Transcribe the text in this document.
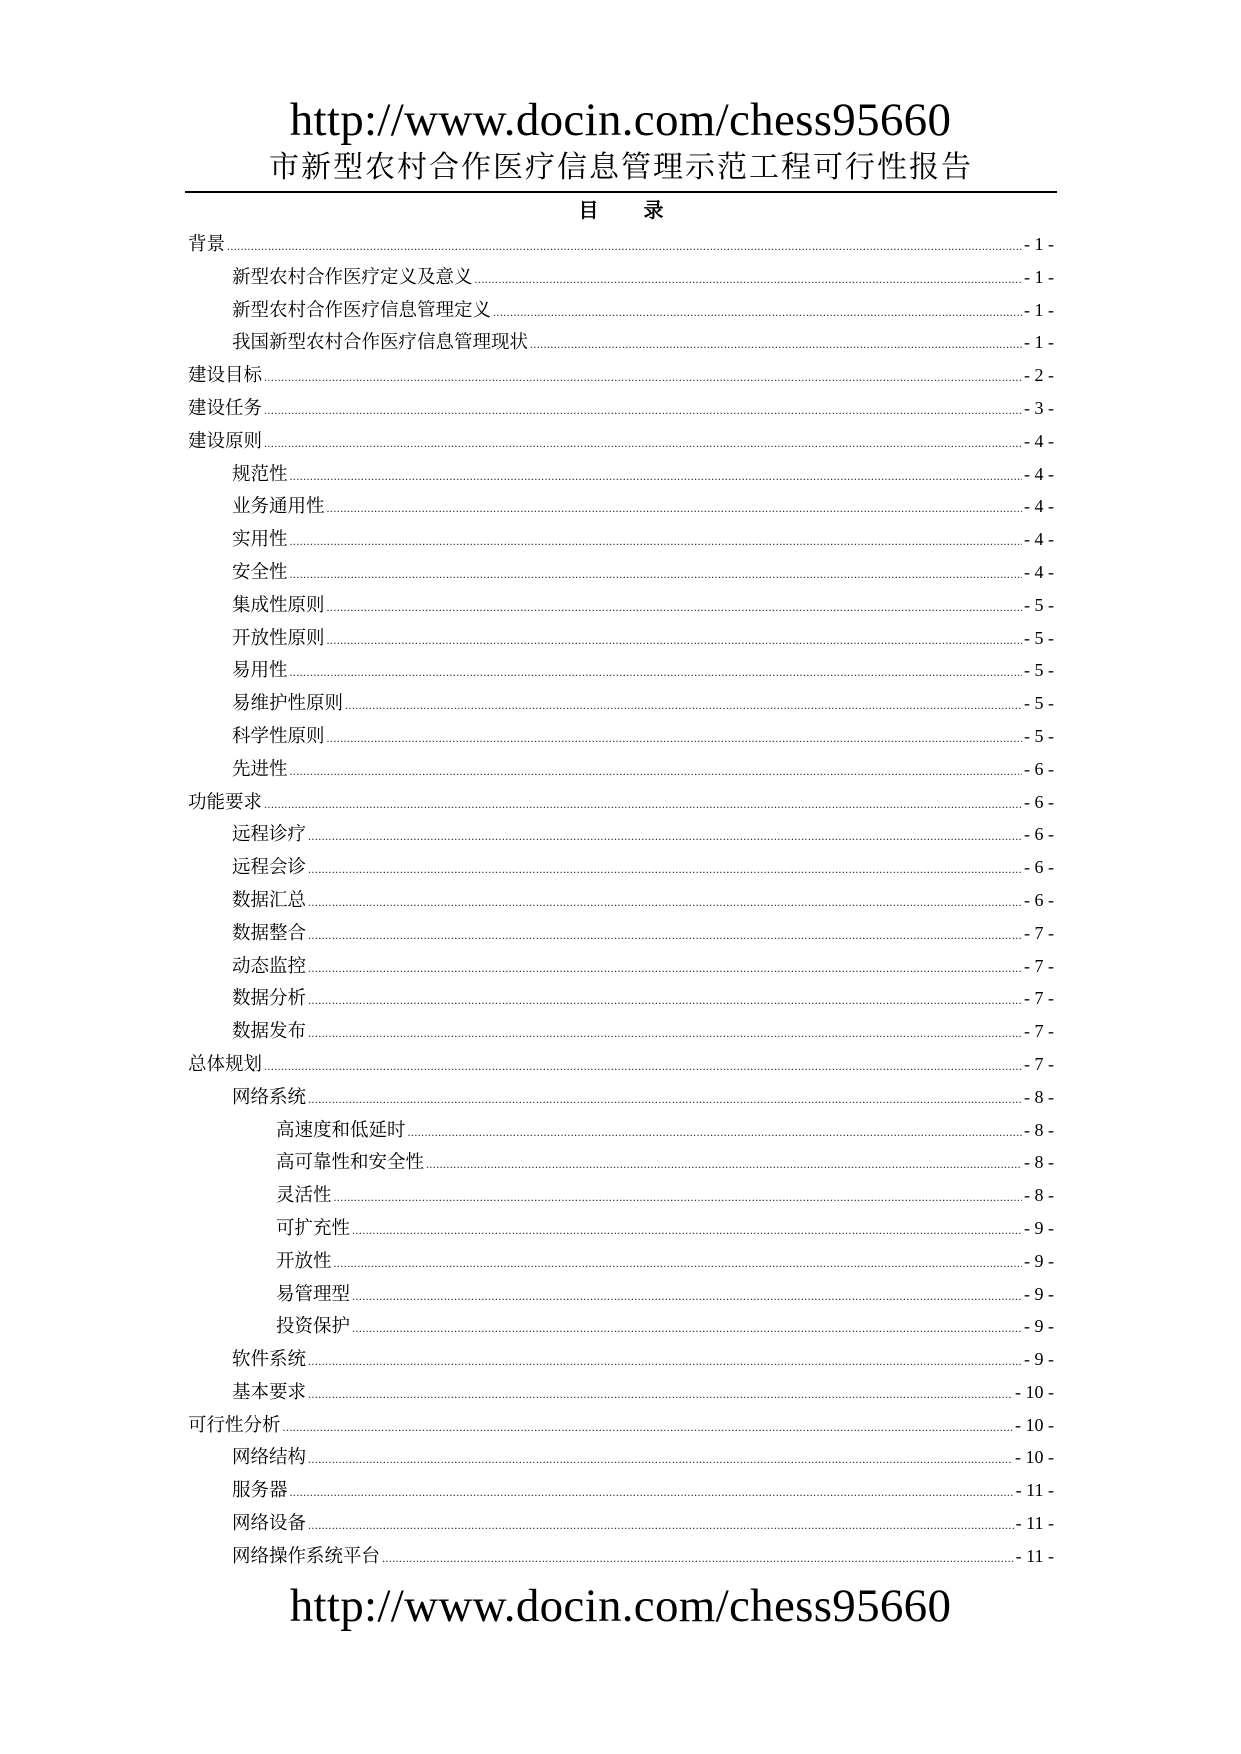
http://www.docin.com/chess95660
市新型农村合作医疗信息管理示范工程可行性报告
目 录
背景 .....	- 1 -
新型农村合作医疗定义及意义 .....	- 1 -
新型农村合作医疗信息管理定义 .....	- 1 -
我国新型农村合作医疗信息管理现状 .....	- 1 -
建设目标 .....	- 2 -
建设任务 .....	- 3 -
建设原则 .....	- 4 -
规范性 .....	- 4 -
业务通用性 .....	- 4 -
实用性 .....	- 4 -
安全性 .....	- 4 -
集成性原则 .....	- 5 -
开放性原则 .....	- 5 -
易用性 .....	- 5 -
易维护性原则 .....	- 5 -
科学性原则 .....	- 5 -
先进性 .....	- 6 -
功能要求 .....	- 6 -
远程诊疗 .....	- 6 -
远程会诊 .....	- 6 -
数据汇总 .....	- 6 -
数据整合 .....	- 7 -
动态监控 .....	- 7 -
数据分析 .....	- 7 -
数据发布 .....	- 7 -
总体规划 .....	- 7 -
网络系统 .....	- 8 -
高速度和低延时 .....	- 8 -
高可靠性和安全性 .....	- 8 -
灵活性 .....	- 8 -
可扩充性 .....	- 9 -
开放性 .....	- 9 -
易管理型 .....	- 9 -
投资保护 .....	- 9 -
软件系统 .....	- 9 -
基本要求 .....	- 10 -
可行性分析 .....	- 10 -
网络结构 .....	- 10 -
服务器 .....	- 11 -
网络设备 .....	- 11 -
网络操作系统平台 .....	- 11 -
http://www.docin.com/chess95660
